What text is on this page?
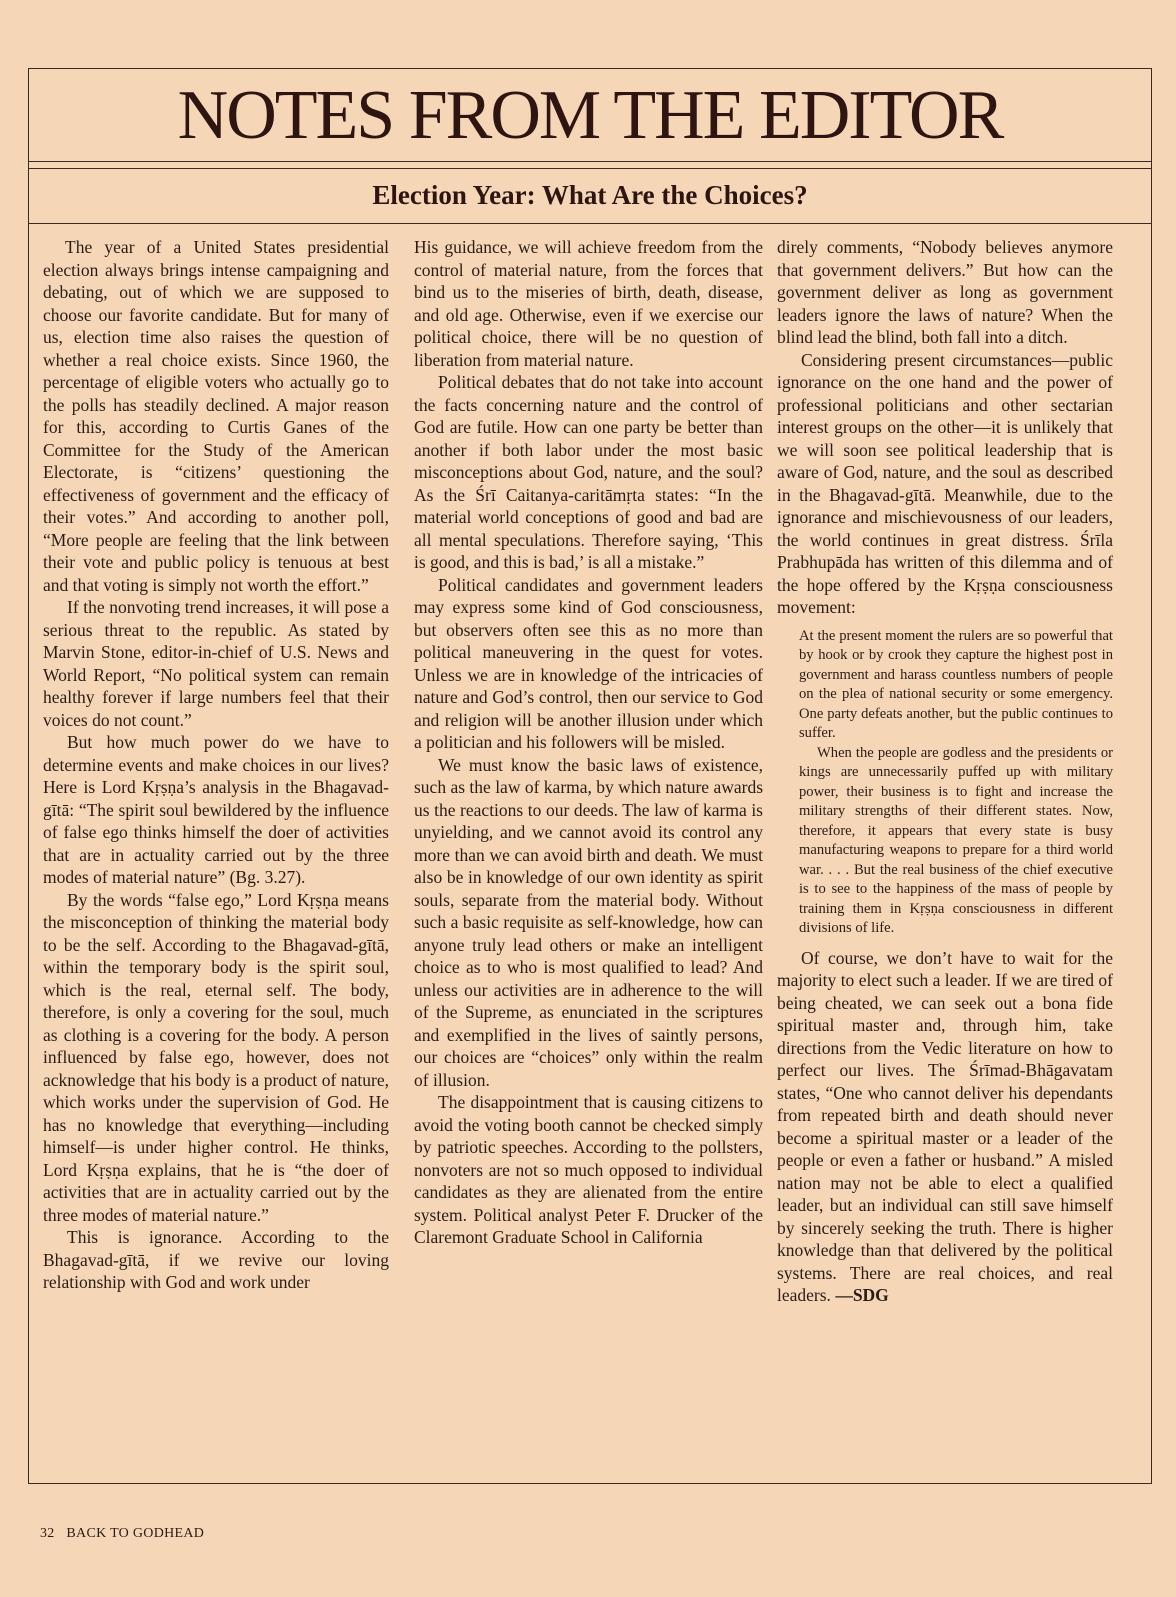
NOTES FROM THE EDITOR
Election Year: What Are the Choices?

The year of a United States presidential election always brings intense campaigning and debating, out of which we are supposed to choose our favorite candidate. But for many of us, election time also raises the question of whether a real choice exists. Since 1960, the percentage of eligible voters who actually go to the polls has steadily declined. A major reason for this, according to Curtis Ganes of the Committee for the Study of the American Electorate, is “citizens’ questioning the effectiveness of government and the efficacy of their votes.” And according to another poll, “More people are feeling that the link between their vote and public policy is tenuous at best and that voting is simply not worth the effort.”

If the nonvoting trend increases, it will pose a serious threat to the republic. As stated by Marvin Stone, editor-in-chief of U.S. News and World Report, “No political system can remain healthy forever if large numbers feel that their voices do not count.”

But how much power do we have to determine events and make choices in our lives? Here is Lord Kṛṣṇa’s analysis in the Bhagavad-gītā: “The spirit soul bewildered by the influence of false ego thinks himself the doer of activities that are in actuality carried out by the three modes of material nature” (Bg. 3.27).

By the words “false ego,” Lord Kṛṣṇa means the misconception of thinking the material body to be the self. According to the Bhagavad-gītā, within the temporary body is the spirit soul, which is the real, eternal self. The body, therefore, is only a covering for the soul, much as clothing is a covering for the body. A person influenced by false ego, however, does not acknowledge that his body is a product of nature, which works under the supervision of God. He has no knowledge that everything—including himself—is under higher control. He thinks, Lord Kṛṣṇa explains, that he is “the doer of activities that are in actuality carried out by the three modes of material nature.”

This is ignorance. According to the Bhagavad-gītā, if we revive our loving relationship with God and work under

His guidance, we will achieve freedom from the control of material nature, from the forces that bind us to the miseries of birth, death, disease, and old age. Otherwise, even if we exercise our political choice, there will be no question of liberation from material nature.

Political debates that do not take into account the facts concerning nature and the control of God are futile. How can one party be better than another if both labor under the most basic misconceptions about God, nature, and the soul? As the Śrī Caitanya-caritāmṛta states: “In the material world conceptions of good and bad are all mental speculations. Therefore saying, ‘This is good, and this is bad,’ is all a mistake.”

Political candidates and government leaders may express some kind of God consciousness, but observers often see this as no more than political maneuvering in the quest for votes. Unless we are in knowledge of the intricacies of nature and God’s control, then our service to God and religion will be another illusion under which a politician and his followers will be misled.

We must know the basic laws of existence, such as the law of karma, by which nature awards us the reactions to our deeds. The law of karma is unyielding, and we cannot avoid its control any more than we can avoid birth and death. We must also be in knowledge of our own identity as spirit souls, separate from the material body. Without such a basic requisite as self-knowledge, how can anyone truly lead others or make an intelligent choice as to who is most qualified to lead? And unless our activities are in adherence to the will of the Supreme, as enunciated in the scriptures and exemplified in the lives of saintly persons, our choices are “choices” only within the realm of illusion.

The disappointment that is causing citizens to avoid the voting booth cannot be checked simply by patriotic speeches. According to the pollsters, nonvoters are not so much opposed to individual candidates as they are alienated from the entire system. Political analyst Peter F. Drucker of the Claremont Graduate School in California

direly comments, “Nobody believes anymore that government delivers.” But how can the government deliver as long as government leaders ignore the laws of nature? When the blind lead the blind, both fall into a ditch.

Considering present circumstances—public ignorance on the one hand and the power of professional politicians and other sectarian interest groups on the other—it is unlikely that we will soon see political leadership that is aware of God, nature, and the soul as described in the Bhagavad-gītā. Meanwhile, due to the ignorance and mischievousness of our leaders, the world continues in great distress. Śrīla Prabhupāda has written of this dilemma and of the hope offered by the Kṛṣṇa consciousness movement:

At the present moment the rulers are so powerful that by hook or by crook they capture the highest post in government and harass countless numbers of people on the plea of national security or some emergency. One party defeats another, but the public continues to suffer.

When the people are godless and the presidents or kings are unnecessarily puffed up with military power, their business is to fight and increase the military strengths of their different states. Now, therefore, it appears that every state is busy manufacturing weapons to prepare for a third world war. . . . But the real business of the chief executive is to see to the happiness of the mass of people by training them in Kṛṣṇa consciousness in different divisions of life.

Of course, we don’t have to wait for the majority to elect such a leader. If we are tired of being cheated, we can seek out a bona fide spiritual master and, through him, take directions from the Vedic literature on how to perfect our lives. The Śrīmad-Bhāgavatam states, “One who cannot deliver his dependants from repeated birth and death should never become a spiritual master or a leader of the people or even a father or husband.” A misled nation may not be able to elect a qualified leader, but an individual can still save himself by sincerely seeking the truth. There is higher knowledge than that delivered by the political systems. There are real choices, and real leaders. —SDG

32 BACK TO GODHEAD
